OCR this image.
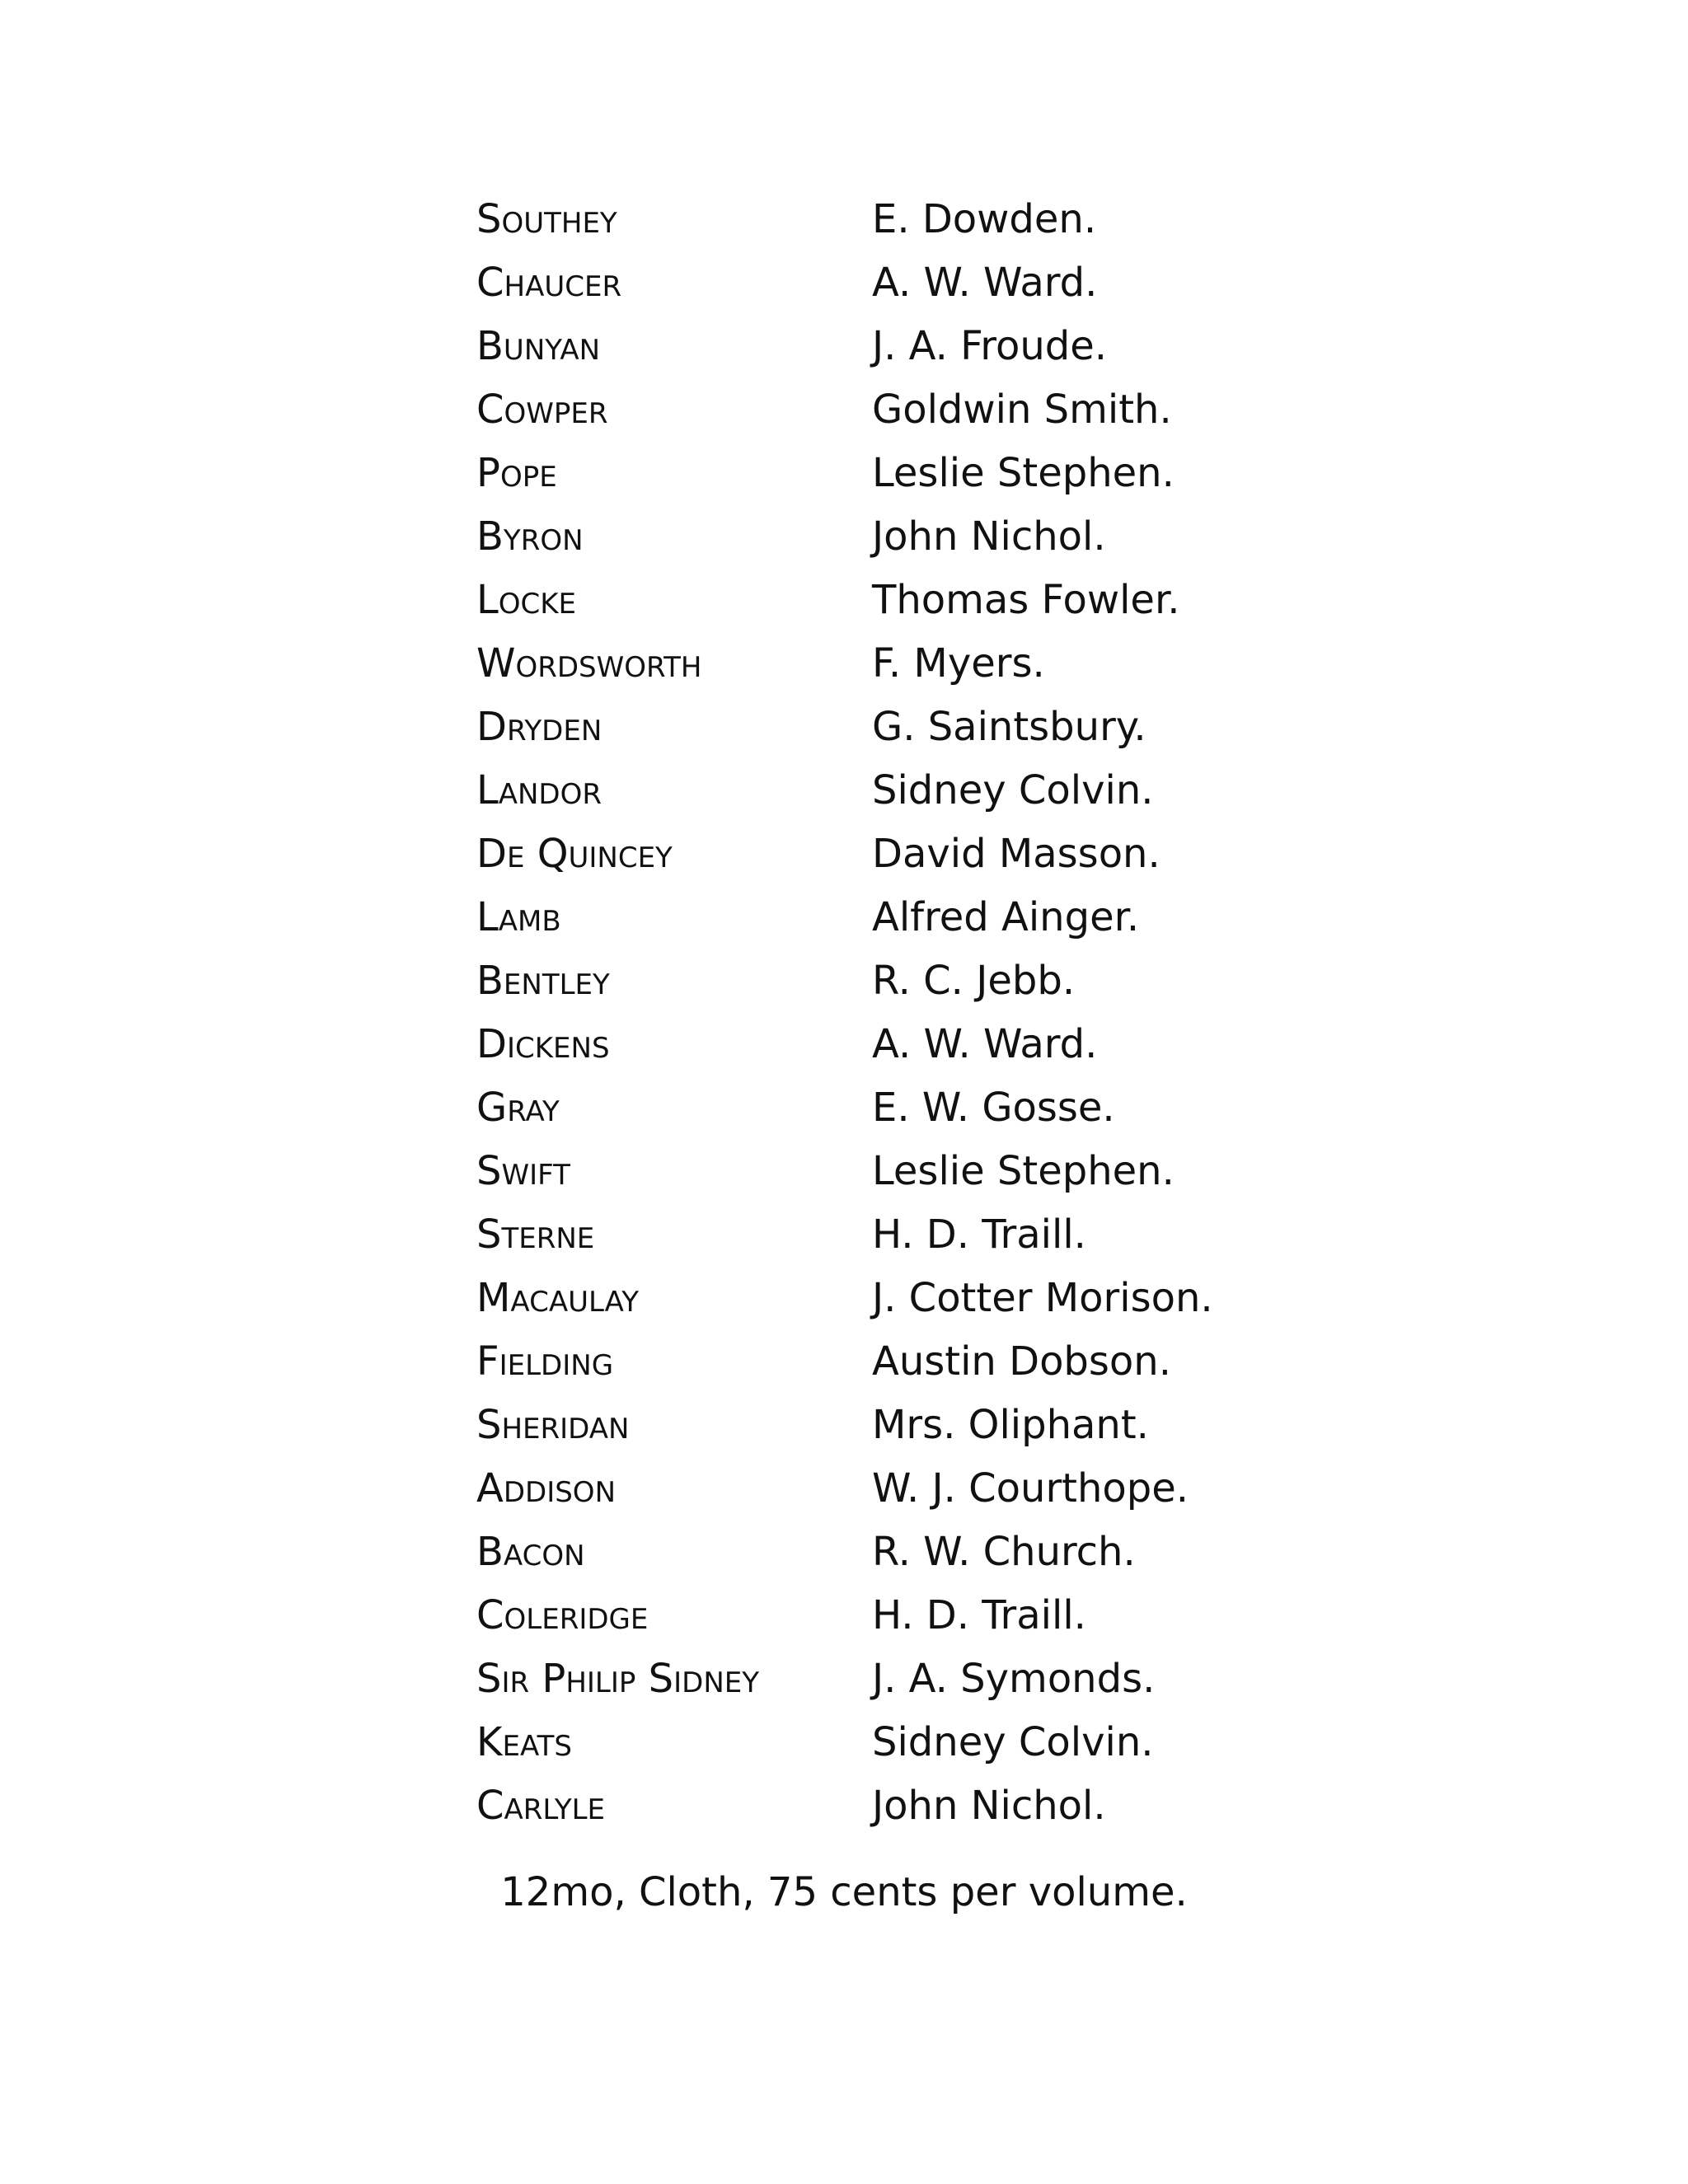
Southey	E. Dowden.
Chaucer	A. W. Ward.
Bunyan	J. A. Froude.
Cowper	Goldwin Smith.
Pope	Leslie Stephen.
Byron	John Nichol.
Locke	Thomas Fowler.
Wordsworth	F. Myers.
Dryden	G. Saintsbury.
Landor	Sidney Colvin.
De Quincey	David Masson.
Lamb	Alfred Ainger.
Bentley	R. C. Jebb.
Dickens	A. W. Ward.
Gray	E. W. Gosse.
Swift	Leslie Stephen.
Sterne	H. D. Traill.
Macaulay	J. Cotter Morison.
Fielding	Austin Dobson.
Sheridan	Mrs. Oliphant.
Addison	W. J. Courthope.
Bacon	R. W. Church.
Coleridge	H. D. Traill.
Sir Philip Sidney	J. A. Symonds.
Keats	Sidney Colvin.
Carlyle	John Nichol.
12mo, Cloth, 75 cents per volume.
